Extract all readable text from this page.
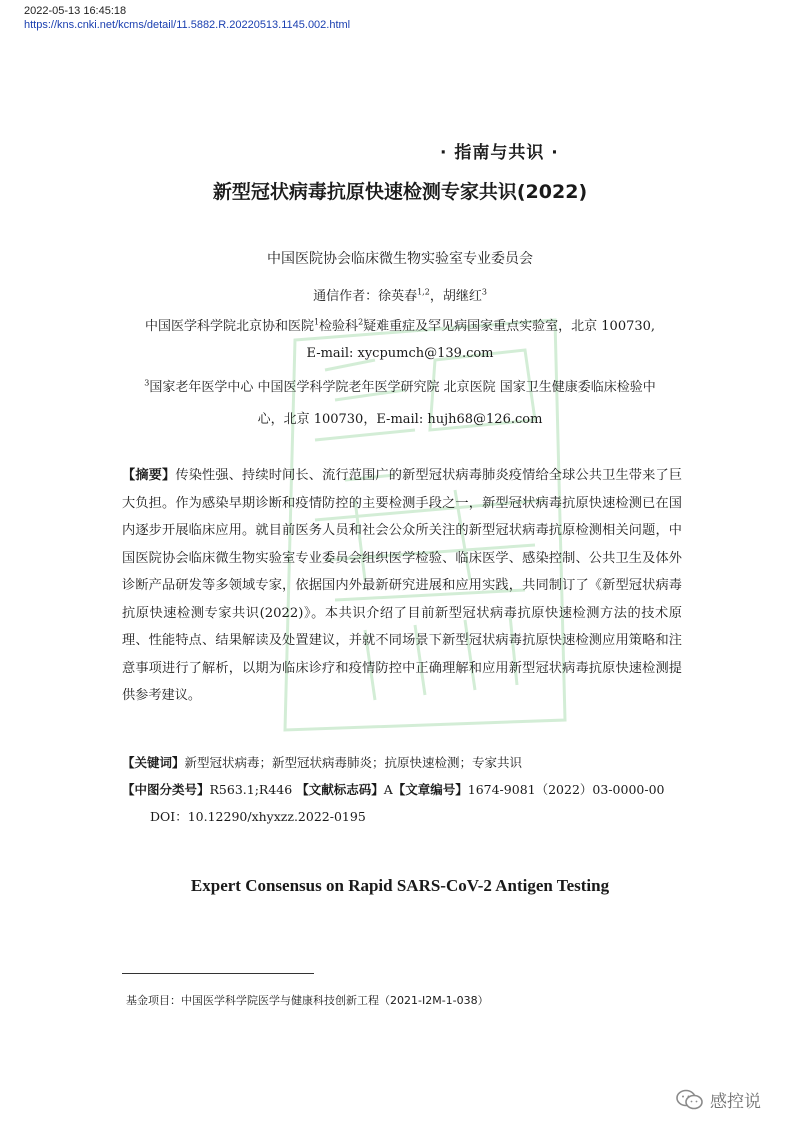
2022-05-13 16:45:18
https://kns.cnki.net/kcms/detail/11.5882.R.20220513.1145.002.html
· 指南与共识 ·
新型冠状病毒抗原快速检测专家共识(2022)
中国医院协会临床微生物实验室专业委员会
通信作者：徐英春$^{1,2}$，胡继红$^3$
中国医学科学院北京协和医院$^1$检验科$^2$疑难重症及罕见病国家重点实验室，北京 100730,
E-mail: xycpumch@139.com
$^3$国家老年医学中心 中国医学科学院老年医学研究院 北京医院 国家卫生健康委临床检验中
心，北京 100730，E-mail: hujh68@126.com
【摘要】传染性强、持续时间长、流行范围广的新型冠状病毒肺炎疫情给全球公共卫生带来了巨大负担。作为感染早期诊断和疫情防控的主要检测手段之一，新型冠状病毒抗原快速检测已在国内逐步开展临床应用。就目前医务人员和社会公众所关注的新型冠状病毒抗原检测相关问题，中国医院协会临床微生物实验室专业委员会组织医学检验、临床医学、感染控制、公共卫生及体外诊断产品研发等多领域专家，依据国内外最新研究进展和应用实践，共同制订了《新型冠状病毒抗原快速检测专家共识(2022)》。本共识介绍了目前新型冠状病毒抗原快速检测方法的技术原理、性能特点、结果解读及处置建议，并就不同场景下新型冠状病毒抗原快速检测应用策略和注意事项进行了解析，以期为临床诊疗和疫情防控中正确理解和应用新型冠状病毒抗原快速检测提供参考建议。
【关键词】新型冠状病毒；新型冠状病毒肺炎；抗原快速检测；专家共识
【中图分类号】R563.1;R446 【文献标志码】A【文章编号】1674-9081（2022）03-0000-00
DOI：10.12290/xhyxzz.2022-0195
Expert Consensus on Rapid SARS-CoV-2 Antigen Testing
基金项目：中国医学科学院医学与健康科技创新工程（2021-I2M-1-038）
感控说
